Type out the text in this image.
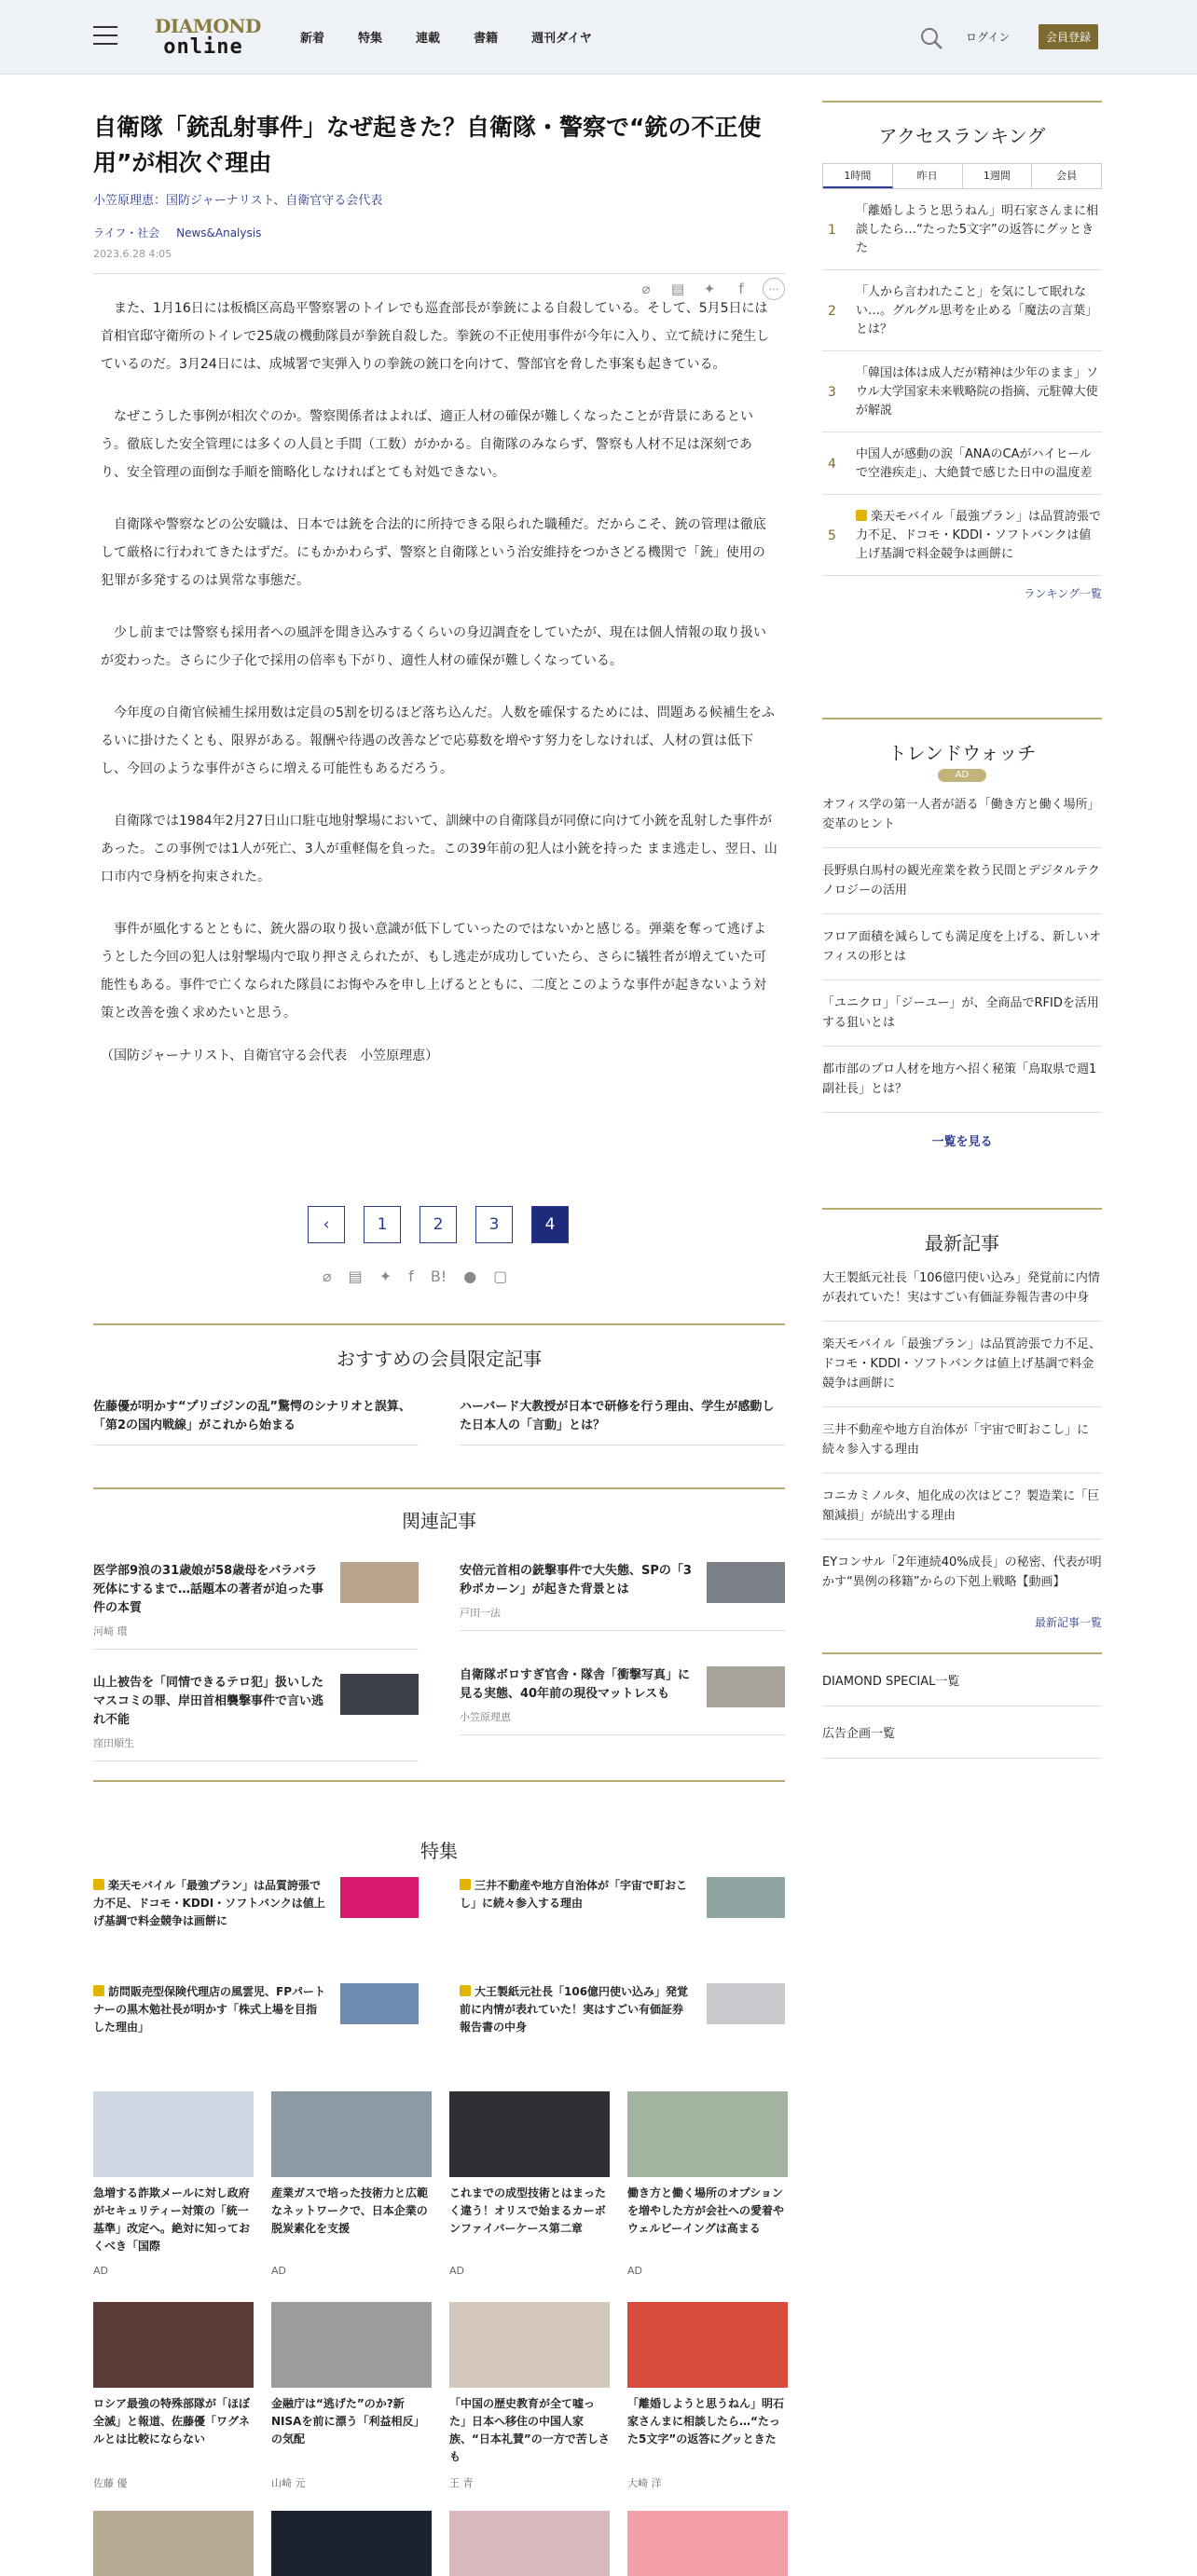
DIAMOND
online	新着	特集	連載	書籍	週刊ダイヤ	ログイン	会員登録
自衛隊「銃乱射事件」なぜ起きた？自衛隊・警察で“銃の不正使用”が相次ぐ理由
小笠原理恵：国防ジャーナリスト、自衛官守る会代表
ライフ・社会 News&Analysis
2023.6.28 4:05
⌀	▤	✦	f	···

また、1月16日には板橋区高島平警察署のトイレでも巡査部長が拳銃による自殺している。そして、5月5日には首相官邸守衛所のトイレで25歳の機動隊員が拳銃自殺した。拳銃の不正使用事件が今年に入り、立て続けに発生しているのだ。3月24日には、成城署で実弾入りの拳銃の銃口を向けて、警部官を脅した事案も起きている。

なぜこうした事例が相次ぐのか。警察関係者はよれば、適正人材の確保が難しくなったことが背景にあるという。徹底した安全管理には多くの人員と手間（工数）がかかる。自衛隊のみならず、警察も人材不足は深刻であり、安全管理の面倒な手順を簡略化しなければとても対処できない。

自衛隊や警察などの公安職は、日本では銃を合法的に所持できる限られた職種だ。だからこそ、銃の管理は徹底して厳格に行われてきたはずだ。にもかかわらず、警察と自衛隊という治安維持をつかさどる機関で「銃」使用の犯罪が多発するのは異常な事態だ。

少し前までは警察も採用者への風評を聞き込みするくらいの身辺調査をしていたが、現在は個人情報の取り扱いが変わった。さらに少子化で採用の倍率も下がり、適性人材の確保が難しくなっている。

今年度の自衛官候補生採用数は定員の5割を切るほど落ち込んだ。人数を確保するためには、問題ある候補生をふるいに掛けたくとも、限界がある。報酬や待遇の改善などで応募数を増やす努力をしなければ、人材の質は低下し、今回のような事件がさらに増える可能性もあるだろう。

自衛隊では1984年2月27日山口駐屯地射撃場において、訓練中の自衛隊員が同僚に向けて小銃を乱射した事件があった。この事例では1人が死亡、3人が重軽傷を負った。この39年前の犯人は小銃を持った まま逃走し、翌日、山口市内で身柄を拘束された。

事件が風化するとともに、銃火器の取り扱い意識が低下していったのではないかと感じる。弾薬を奪って逃げようとした今回の犯人は射撃場内で取り押さえられたが、もし逃走が成功していたら、さらに犠牲者が増えていた可能性もある。事件で亡くなられた隊員にお悔やみを申し上げるとともに、二度とこのような事件が起きないよう対策と改善を強く求めたいと思う。

（国防ジャーナリスト、自衛官守る会代表　小笠原理恵）
‹	1	2	3	4
⌀ ▤ ✦ f B! ● ▢
おすすめの会員限定記事
佐藤優が明かす“プリゴジンの乱”驚愕のシナリオと誤算、「第2の国内戦線」がこれから始まる
ハーバード大教授が日本で研修を行う理由、学生が感動した日本人の「言動」とは？
関連記事
医学部9浪の31歳娘が58歳母をバラバラ死体にするまで…話題本の著者が迫った事件の本質
河崎 環
安倍元首相の銃撃事件で大失態、SPの「3秒ポカーン」が起きた背景とは
戸田一法
山上被告を「同情できるテロ犯」扱いしたマスコミの罪、岸田首相襲撃事件で言い逃れ不能
窪田順生
自衛隊ボロすぎ官舎・隊舎「衝撃写真」に見る実態、40年前の現役マットレスも
小笠原理恵
特集
楽天モバイル「最強プラン」は品質誇張で力不足、ドコモ・KDDI・ソフトバンクは値上げ基調で料金競争は画餅に
三井不動産や地方自治体が「宇宙で町おこし」に続々参入する理由
訪問販売型保険代理店の風雲児、FPパートナーの黒木勉社長が明かす「株式上場を目指した理由」
大王製紙元社長「106億円使い込み」発覚前に内情が表れていた！実はすごい有価証券報告書の中身
急増する詐欺メールに対し政府がセキュリティー対策の「統一基準」改定へ。絶対に知っておくべき「国際
AD
産業ガスで培った技術力と広範なネットワークで、日本企業の脱炭素化を支援
AD
これまでの成型技術とはまったく違う！オリスで始まるカーボンファイバーケース第二章
AD
働き方と働く場所のオプションを増やした方が会社への愛着やウェルビーイングは高まる
AD
ロシア最強の特殊部隊が「ほぼ全滅」と報道、佐藤優「ワグネルとは比較にならない
佐藤 優
金融庁は“逃げた”のか?新NISAを前に漂う「利益相反」の気配
山崎 元
「中国の歴史教育が全て嘘った」日本へ移住の中国人家族、“日本礼賛”の一方で苦しさも
王 青
「離婚しようと思うねん」明石家さんまに相談したら…“たった5文字”の返答にグッときた
大崎 洋
アクセスランキング
1時間	昨日	1週間	会員
1
「離婚しようと思うねん」明石家さんまに相談したら…“たった5文字”の返答にグッときた
2
「人から言われたこと」を気にして眠れない…。グルグル思考を止める「魔法の言葉」とは？
3
「韓国は体は成人だが精神は少年のまま」ソウル大学国家未来戦略院の指摘、元駐韓大使が解説
4
中国人が感動の涙「ANAのCAがハイヒールで空港疾走」、大絶賛で感じた日中の温度差
5
楽天モバイル「最強プラン」は品質誇張で力不足、ドコモ・KDDI・ソフトバンクは値上げ基調で料金競争は画餅に
ランキング一覧
トレンドウォッチ
AD
オフィス学の第一人者が語る「働き方と働く場所」変革のヒント
長野県白馬村の観光産業を救う民間とデジタルテクノロジーの活用
フロア面積を減らしても満足度を上げる、新しいオフィスの形とは
「ユニクロ」「ジーユー」が、全商品でRFIDを活用する狙いとは
都市部のプロ人材を地方へ招く秘策「鳥取県で週1副社長」とは？
一覧を見る
最新記事
大王製紙元社長「106億円使い込み」発覚前に内情が表れていた！実はすごい有価証券報告書の中身
楽天モバイル「最強プラン」は品質誇張で力不足、ドコモ・KDDI・ソフトバンクは値上げ基調で料金競争は画餅に
三井不動産や地方自治体が「宇宙で町おこし」に続々参入する理由
コニカミノルタ、旭化成の次はどこ？製造業に「巨額減損」が続出する理由
EYコンサル「2年連続40%成長」の秘密、代表が明かす“異例の移籍”からの下剋上戦略【動画】
最新記事一覧
DIAMOND SPECIAL一覧
広告企画一覧
